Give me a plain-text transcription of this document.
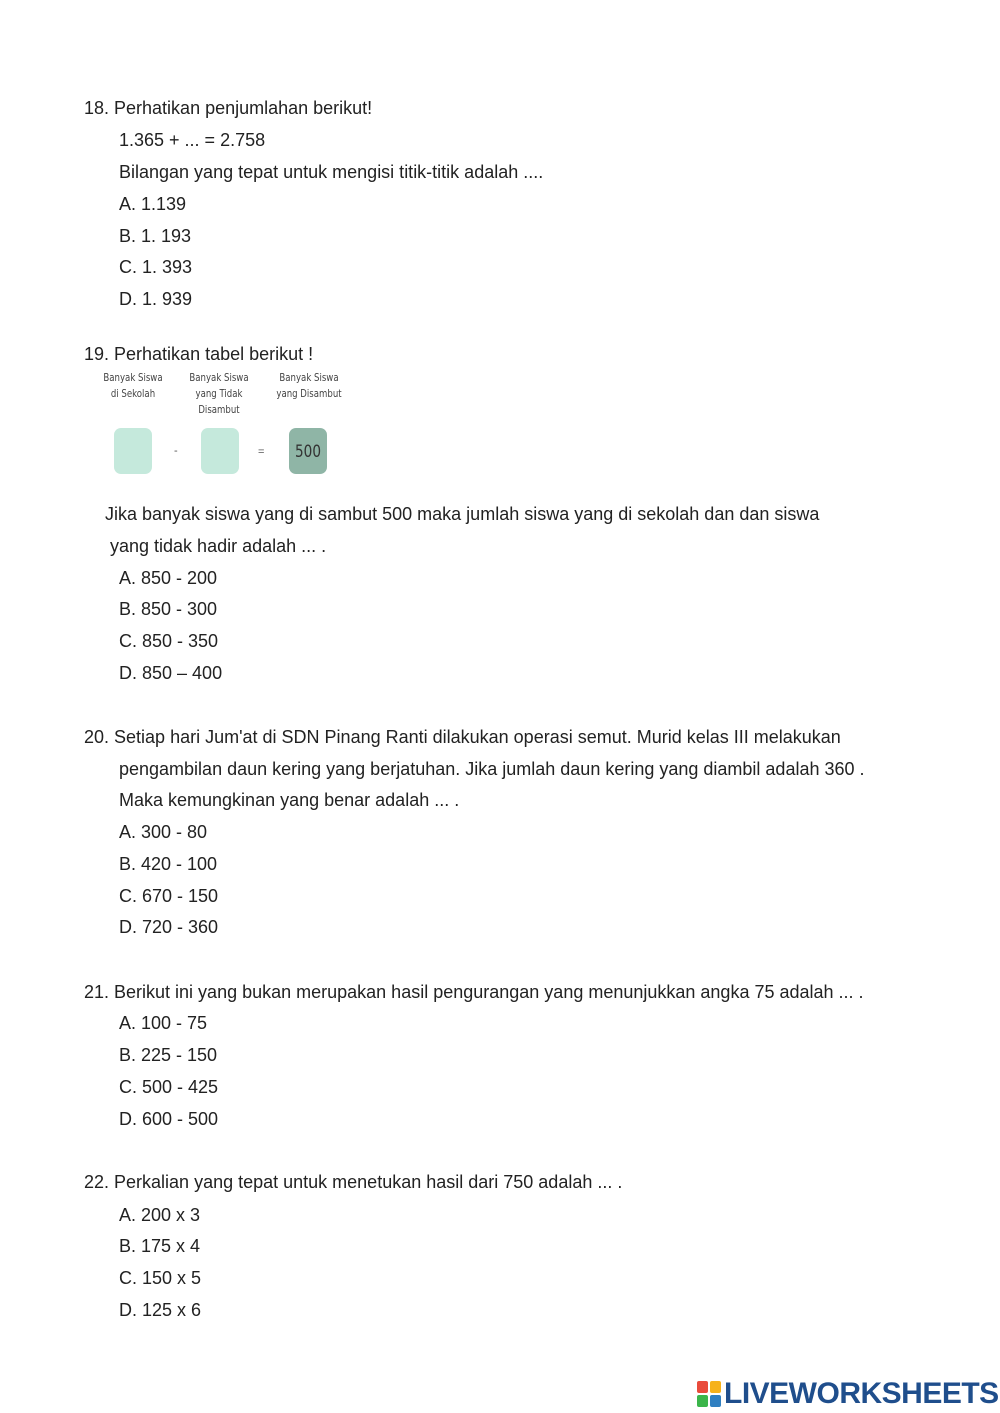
18. Perhatikan penjumlahan berikut!

1.365 + ... = 2.758

Bilangan yang tepat untuk mengisi titik-titik adalah ....

A. 1.139

B. 1. 193

C. 1. 393

D. 1. 939

19. Perhatikan tabel berikut !

Banyak Siswa di Sekolah
Banyak Siswa yang Tidak Disambut
Banyak Siswa yang Disambut
-	= 500

Jika banyak siswa yang di sambut 500 maka jumlah siswa yang di sekolah dan dan siswa

yang tidak hadir adalah ... .

A. 850 - 200

B. 850 - 300

C. 850 - 350

D. 850 – 400

20. Setiap hari Jum'at di SDN Pinang Ranti dilakukan operasi semut. Murid kelas III melakukan

pengambilan daun kering yang berjatuhan. Jika jumlah daun kering yang diambil adalah 360 .

Maka kemungkinan yang benar adalah ... .

A. 300 - 80

B. 420 - 100

C. 670 - 150

D. 720 - 360

21. Berikut ini yang bukan merupakan hasil pengurangan yang menunjukkan angka 75 adalah ... .

A. 100 - 75

B. 225 - 150

C. 500 - 425

D. 600 - 500

22. Perkalian yang tepat untuk menetukan hasil dari 750 adalah ... .

A. 200 x 3

B. 175 x 4

C. 150 x 5

D. 125 x 6

LIVEWORKSHEETS
